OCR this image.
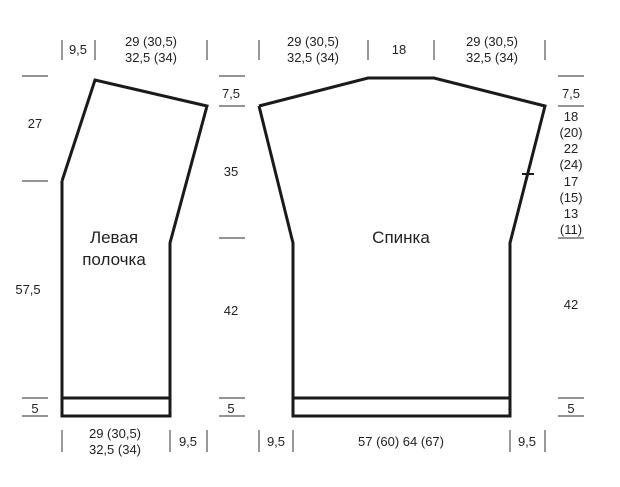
Левая
полочка
Спинка
9,5
29 (30,5)
32,5 (34)
29 (30,5)
32,5 (34)
18
29 (30,5)
32,5 (34)
27
57,5
5
7,5
35
42
5
7,5
18
(20)
22
(24)
17
(15)
13
(11)
42
5
29 (30,5)
32,5 (34)
9,5	9,5	57 (60) 64 (67)	9,5
